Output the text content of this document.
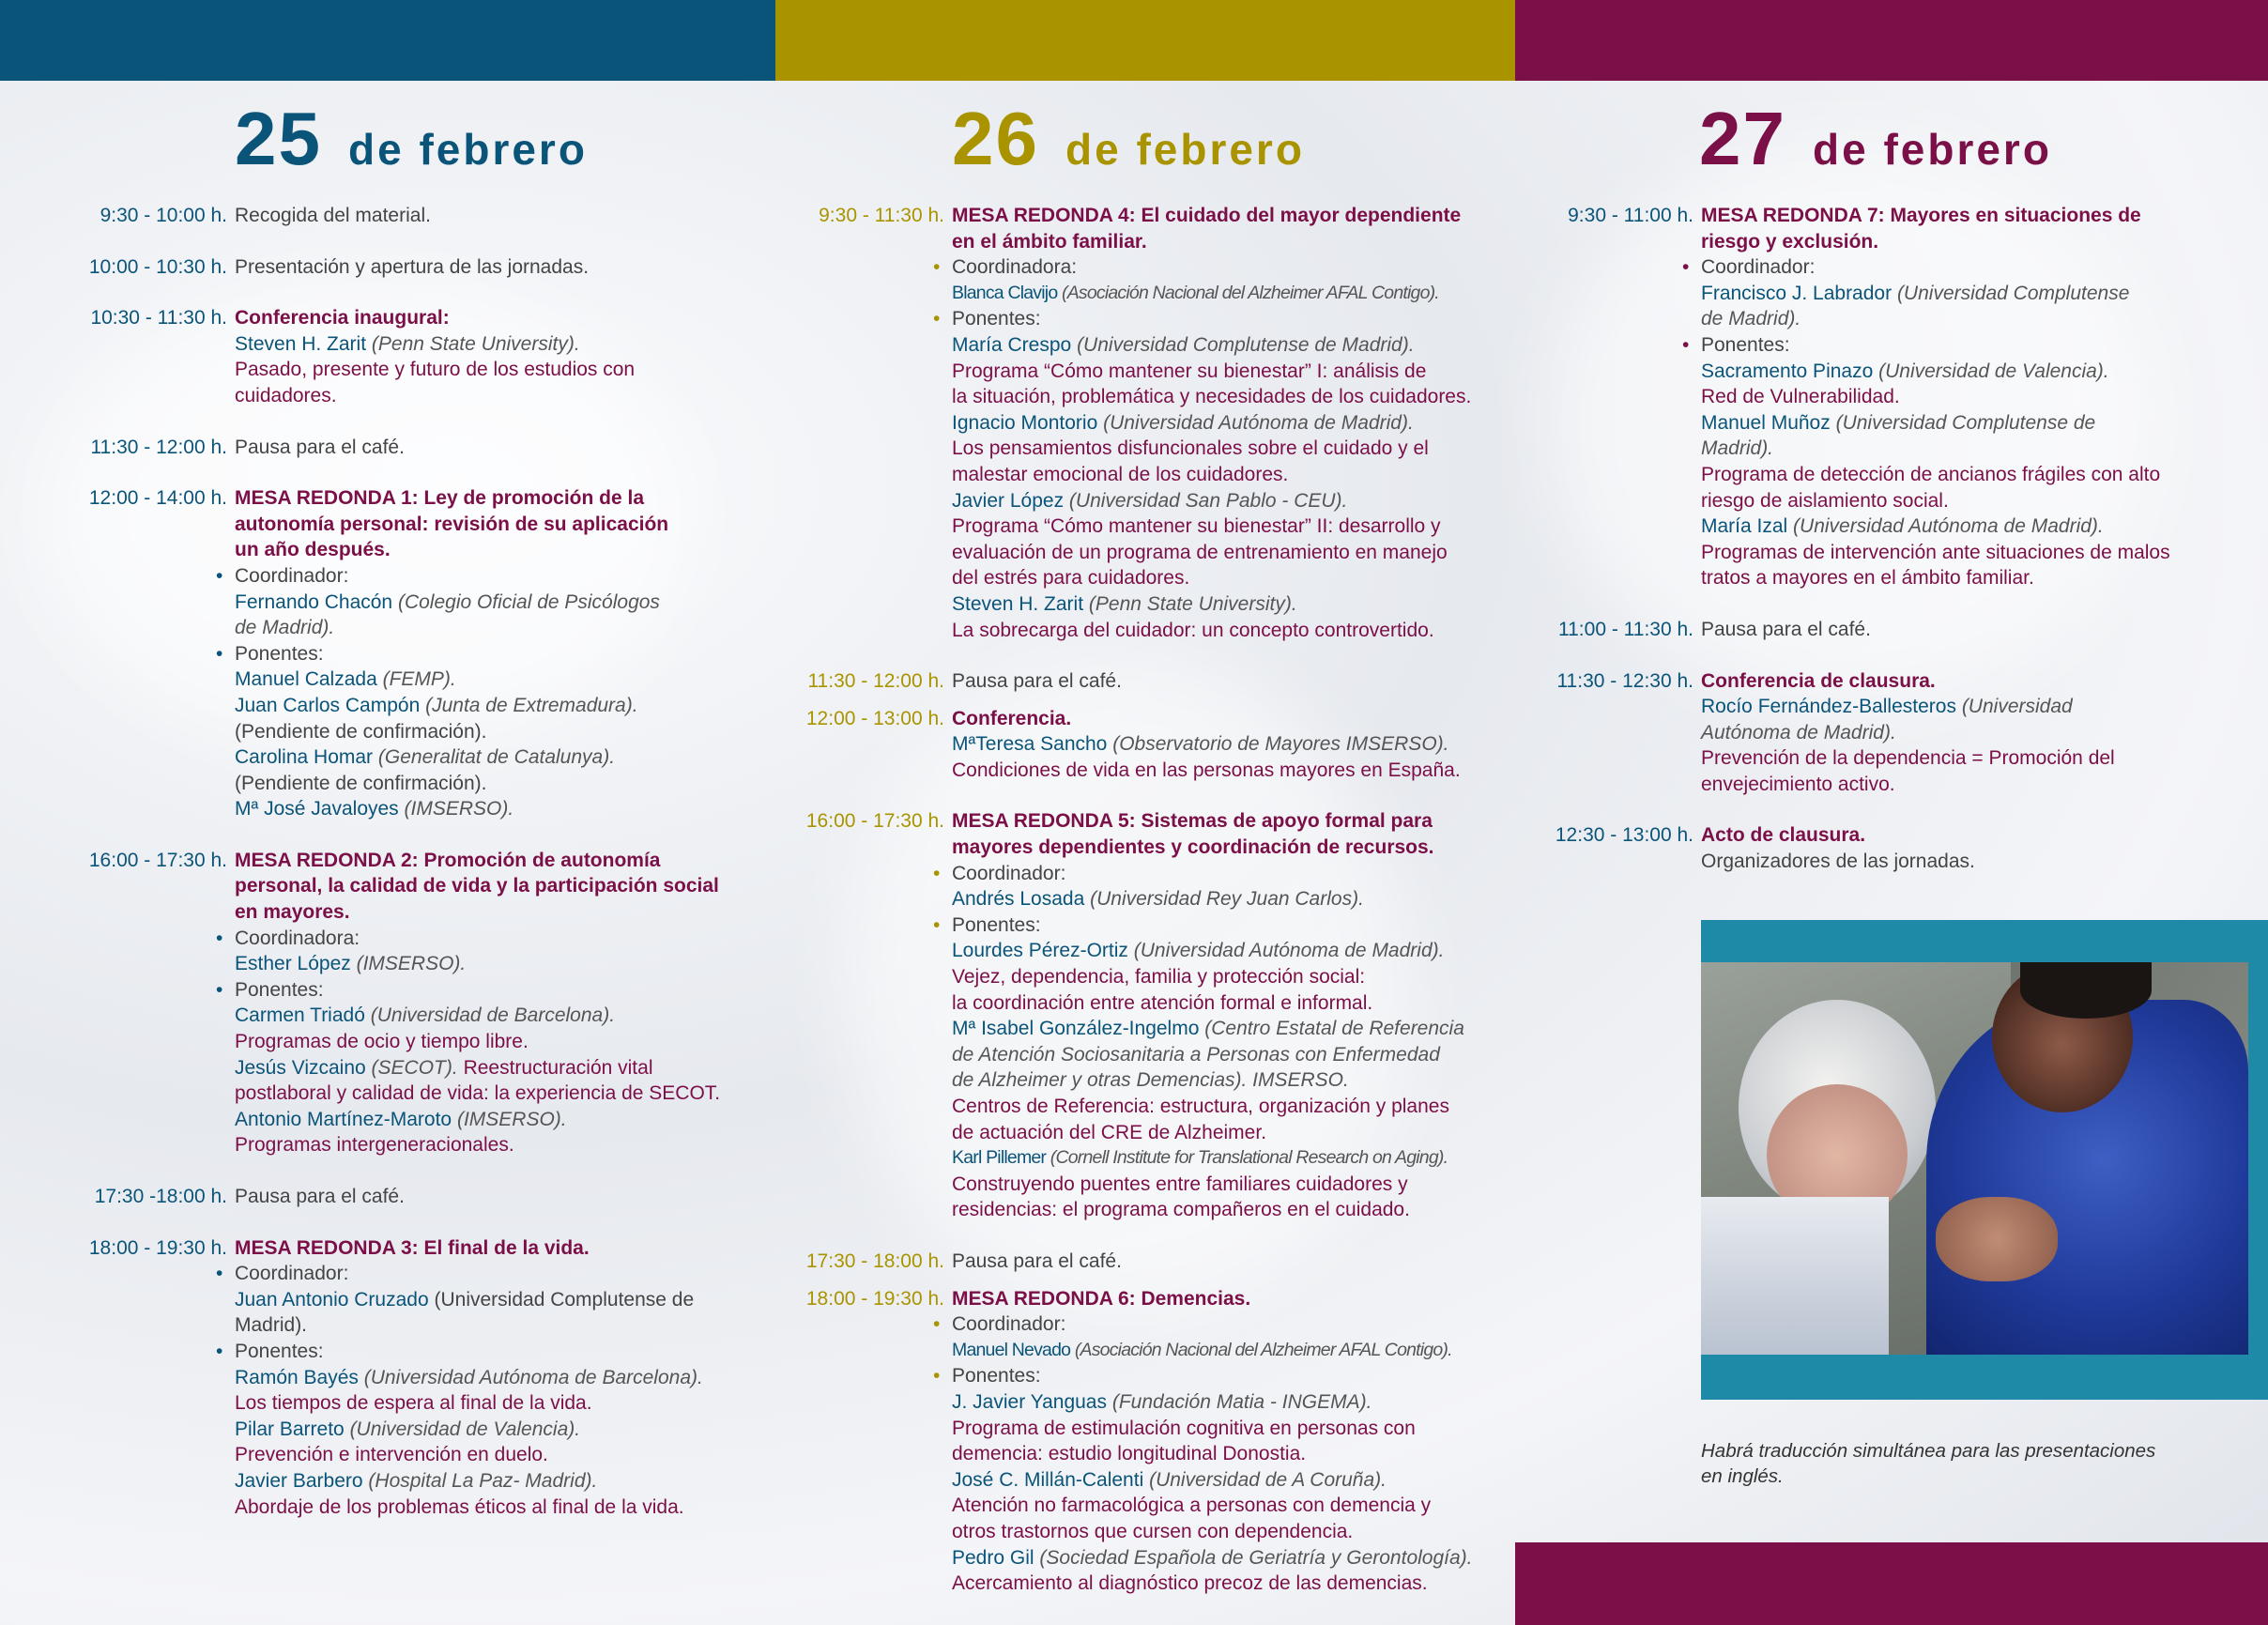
25 de febrero	26 de febrero	27 de febrero
9:30 - 10:00 h. Recogida del material.
10:00 - 10:30 h. Presentación y apertura de las jornadas.
10:30 - 11:30 h. Conferencia inaugural:
Steven H. Zarit (Penn State University).
Pasado, presente y futuro de los estudios con cuidadores.
11:30 - 12:00 h. Pausa para el café.
12:00 - 14:00 h. MESA REDONDA 1: Ley de promoción de la
autonomía personal: revisión de su aplicación
un año después.
• Coordinador:
Fernando Chacón (Colegio Oficial de Psicólogos
de Madrid).
• Ponentes:
Manuel Calzada (FEMP).
Juan Carlos Campón (Junta de Extremadura).
(Pendiente de confirmación).
Carolina Homar (Generalitat de Catalunya).
(Pendiente de confirmación).
Mª José Javaloyes (IMSERSO).
16:00 - 17:30 h. MESA REDONDA 2: Promoción de autonomía
personal, la calidad de vida y la participación social
en mayores.
• Coordinadora:
Esther López (IMSERSO).
• Ponentes:
Carmen Triadó (Universidad de Barcelona).
Programas de ocio y tiempo libre.
Jesús Vizcaino (SECOT). Reestructuración vital
postlaboral y calidad de vida: la experiencia de SECOT.
Antonio Martínez-Maroto (IMSERSO).
Programas intergeneracionales.
17:30 -18:00 h. Pausa para el café.
18:00 - 19:30 h. MESA REDONDA 3: El final de la vida.
• Coordinador:
Juan Antonio Cruzado (Universidad Complutense de
Madrid).
• Ponentes:
Ramón Bayés (Universidad Autónoma de Barcelona).
Los tiempos de espera al final de la vida.
Pilar Barreto (Universidad de Valencia).
Prevención e intervención en duelo.
Javier Barbero (Hospital La Paz- Madrid).
Abordaje de los problemas éticos al final de la vida.
9:30 - 11:30 h. MESA REDONDA 4: El cuidado del mayor dependiente
en el ámbito familiar.
• Coordinadora:
Blanca Clavijo (Asociación Nacional del Alzheimer AFAL Contigo).
• Ponentes:
María Crespo (Universidad Complutense de Madrid).
Programa “Cómo mantener su bienestar” I: análisis de
la situación, problemática y necesidades de los cuidadores.
Ignacio Montorio (Universidad Autónoma de Madrid).
Los pensamientos disfuncionales sobre el cuidado y el
malestar emocional de los cuidadores.
Javier López (Universidad San Pablo - CEU).
Programa “Cómo mantener su bienestar” II: desarrollo y
evaluación de un programa de entrenamiento en manejo
del estrés para cuidadores.
Steven H. Zarit (Penn State University).
La sobrecarga del cuidador: un concepto controvertido.
11:30 - 12:00 h. Pausa para el café.
12:00 - 13:00 h. Conferencia.
MªTeresa Sancho (Observatorio de Mayores IMSERSO).
Condiciones de vida en las personas mayores en España.
16:00 - 17:30 h. MESA REDONDA 5: Sistemas de apoyo formal para
mayores dependientes y coordinación de recursos.
• Coordinador:
Andrés Losada (Universidad Rey Juan Carlos).
• Ponentes:
Lourdes Pérez-Ortiz (Universidad Autónoma de Madrid).
Vejez, dependencia, familia y protección social:
la coordinación entre atención formal e informal.
Mª Isabel González-Ingelmo (Centro Estatal de Referencia
de Atención Sociosanitaria a Personas con Enfermedad
de Alzheimer y otras Demencias). IMSERSO.
Centros de Referencia: estructura, organización y planes
de actuación del CRE de Alzheimer.
Karl Pillemer (Cornell Institute for Translational Research on Aging).
Construyendo puentes entre familiares cuidadores y
residencias: el programa compañeros en el cuidado.
17:30 - 18:00 h. Pausa para el café.
18:00 - 19:30 h. MESA REDONDA 6: Demencias.
• Coordinador:
Manuel Nevado (Asociación Nacional del Alzheimer AFAL Contigo).
• Ponentes:
J. Javier Yanguas (Fundación Matia - INGEMA).
Programa de estimulación cognitiva en personas con
demencia: estudio longitudinal Donostia.
José C. Millán-Calenti (Universidad de A Coruña).
Atención no farmacológica a personas con demencia y
otros trastornos que cursen con dependencia.
Pedro Gil (Sociedad Española de Geriatría y Gerontología).
Acercamiento al diagnóstico precoz de las demencias.
9:30 - 11:00 h. MESA REDONDA 7: Mayores en situaciones de
riesgo y exclusión.
• Coordinador:
Francisco J. Labrador (Universidad Complutense
de Madrid).
• Ponentes:
Sacramento Pinazo (Universidad de Valencia).
Red de Vulnerabilidad.
Manuel Muñoz (Universidad Complutense de
Madrid).
Programa de detección de ancianos frágiles con alto
riesgo de aislamiento social.
María Izal (Universidad Autónoma de Madrid).
Programas de intervención ante situaciones de malos
tratos a mayores en el ámbito familiar.
11:00 - 11:30 h. Pausa para el café.
11:30 - 12:30 h. Conferencia de clausura.
Rocío Fernández-Ballesteros (Universidad
Autónoma de Madrid).
Prevención de la dependencia = Promoción del
envejecimiento activo.
12:30 - 13:00 h. Acto de clausura.
Organizadores de las jornadas.
Habrá traducción simultánea para las presentaciones
en inglés.
